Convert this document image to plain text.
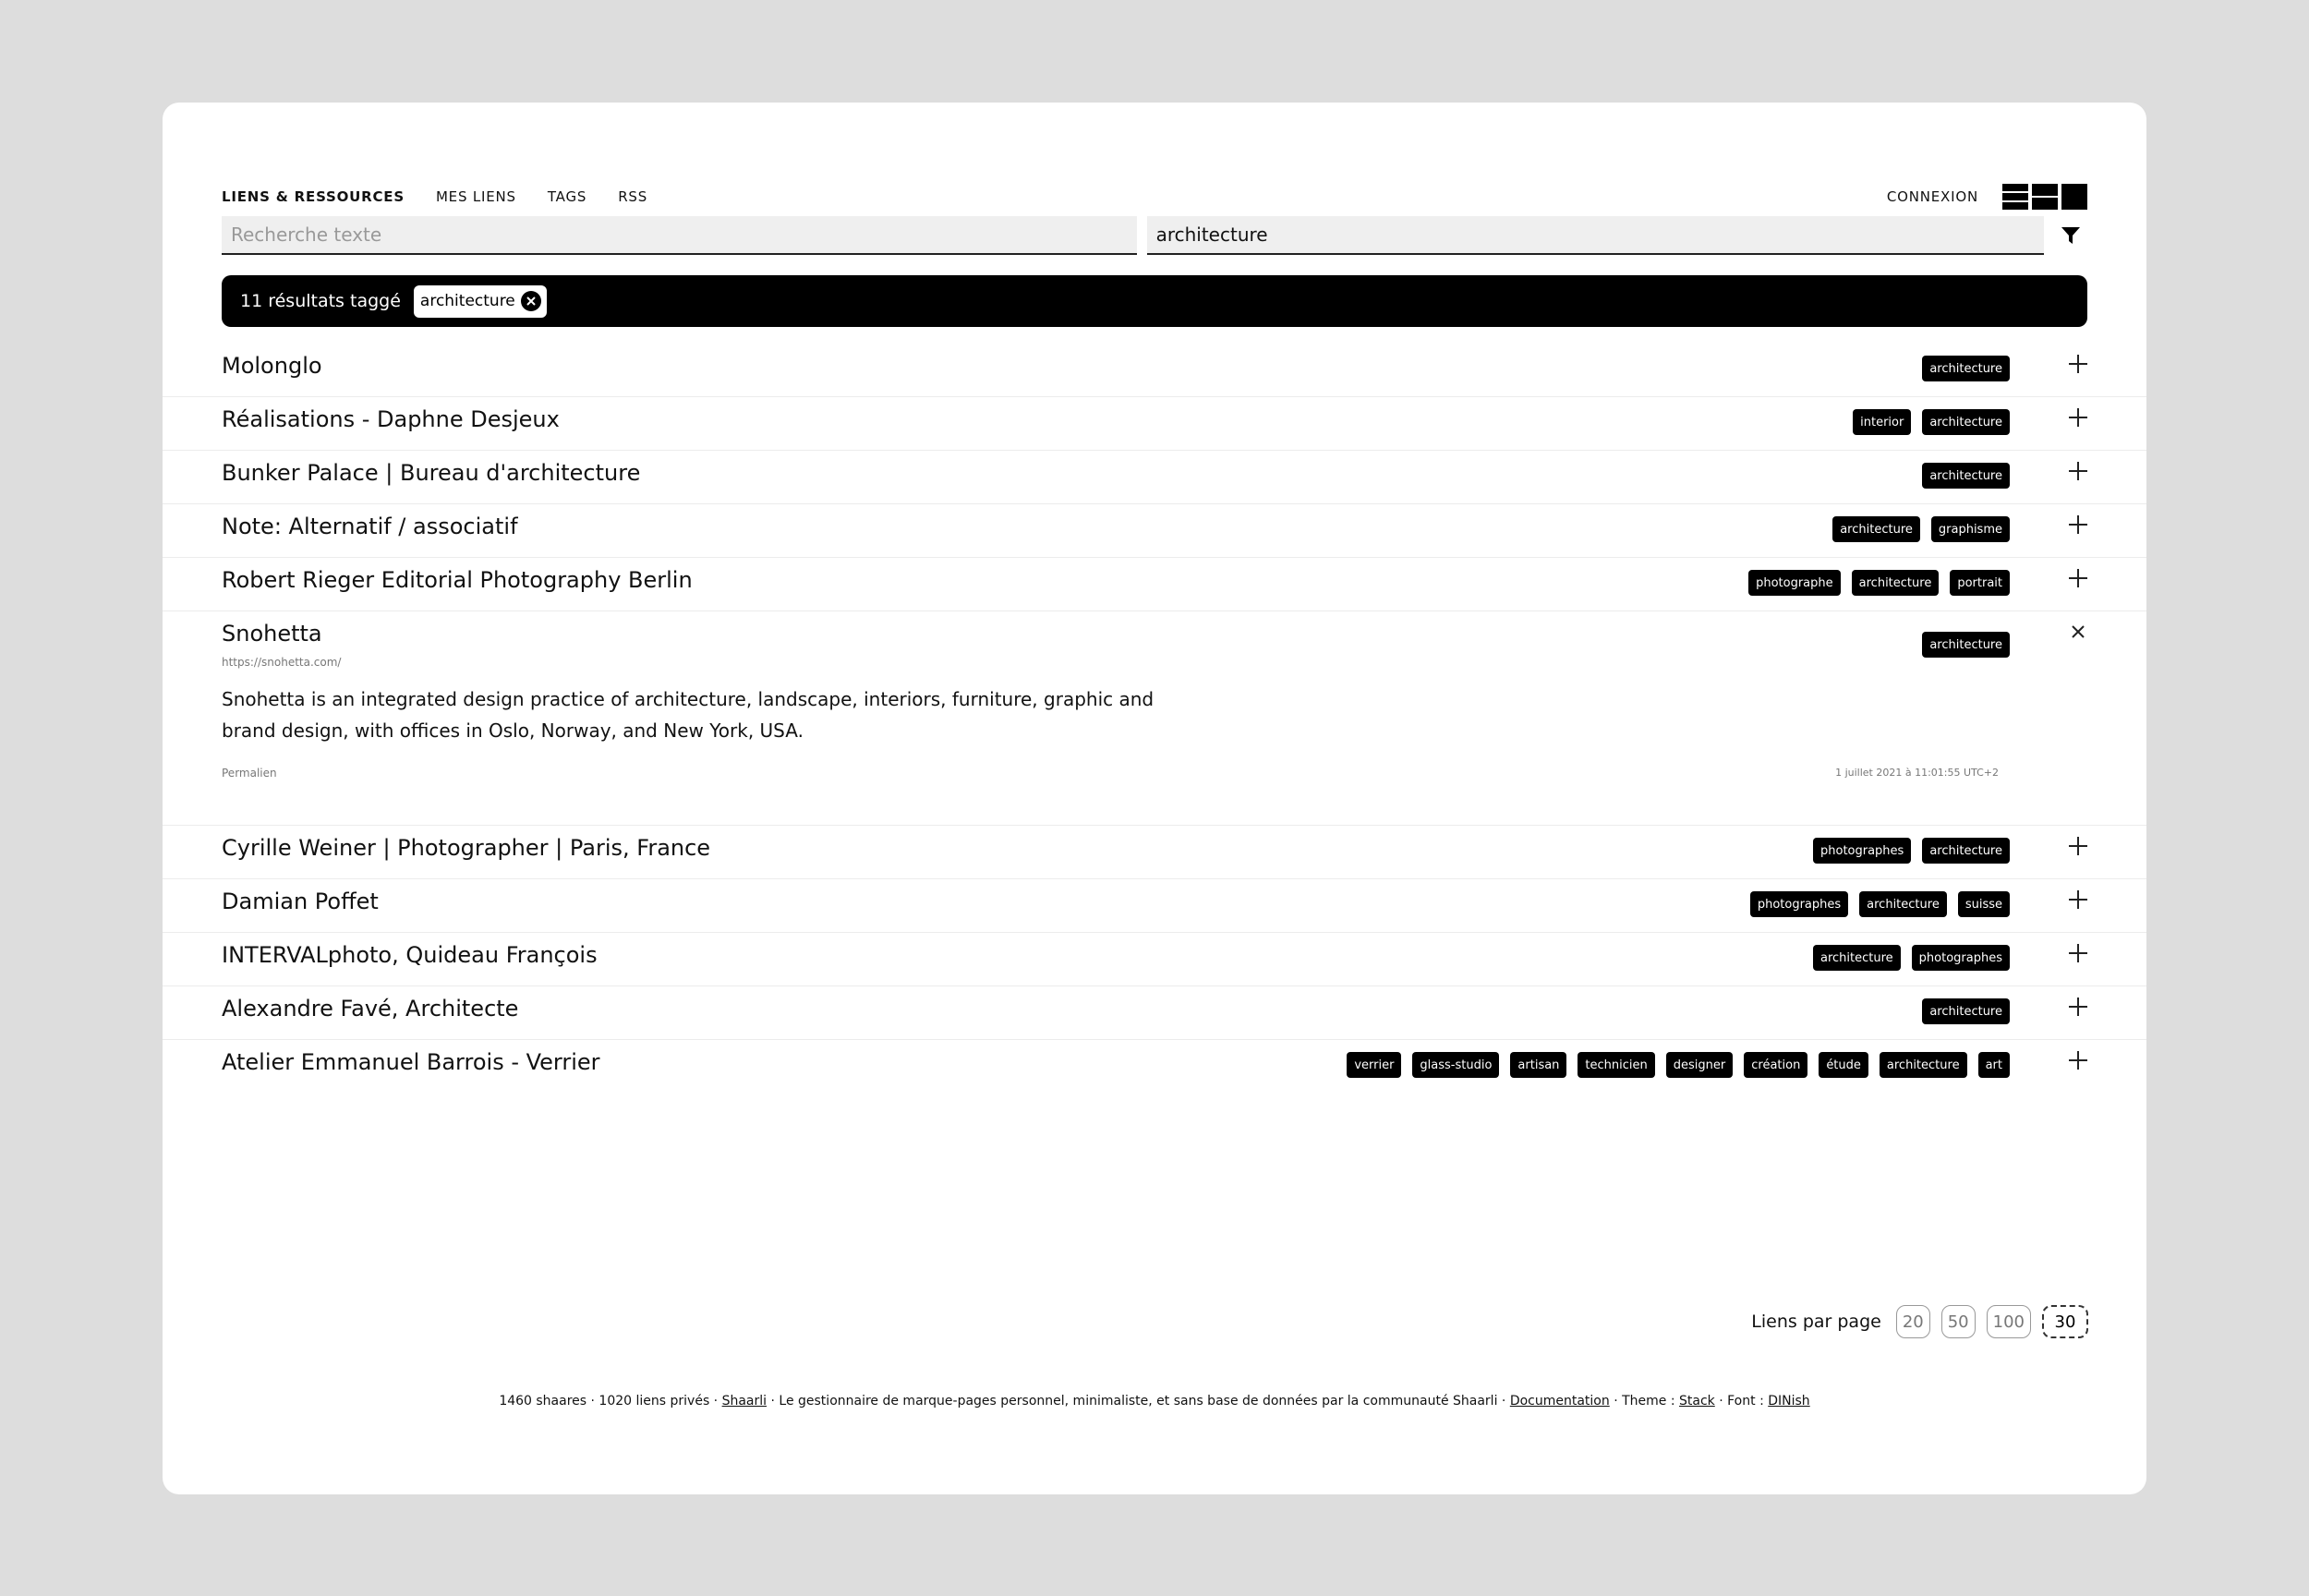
LIENS & RESSOURCES MES LIENS TAGS RSS	CONNEXION
Recherche texte	architecture
11 résultats taggé architecture
Molonglo	architecture
Réalisations - Daphne Desjeux	interior	architecture
Bunker Palace | Bureau d'architecture	architecture
Note: Alternatif / associatif	architecture	graphisme
Robert Rieger Editorial Photography Berlin	photographe	architecture	portrait
Snohetta
https://snohetta.com/

Snohetta is an integrated design practice of architecture, landscape, interiors, furniture, graphic and brand design, with offices in Oslo, Norway, and New York, USA.

Permalien	1 juillet 2021 à 11:01:55 UTC+2
architecture
Cyrille Weiner | Photographer | Paris, France	photographes	architecture
Damian Poffet	photographes	architecture	suisse
INTERVALphoto, Quideau François	architecture	photographes
Alexandre Favé, Architecte	architecture
Atelier Emmanuel Barrois - Verrier	verrier	glass-studio	artisan	technicien	designer	création	étude	architecture	art
Liens par page	20	50	100	30
1460 shaares · 1020 liens privés · Shaarli · Le gestionnaire de marque-pages personnel, minimaliste, et sans base de données par la communauté Shaarli · Documentation · Theme : Stack · Font : DINish
